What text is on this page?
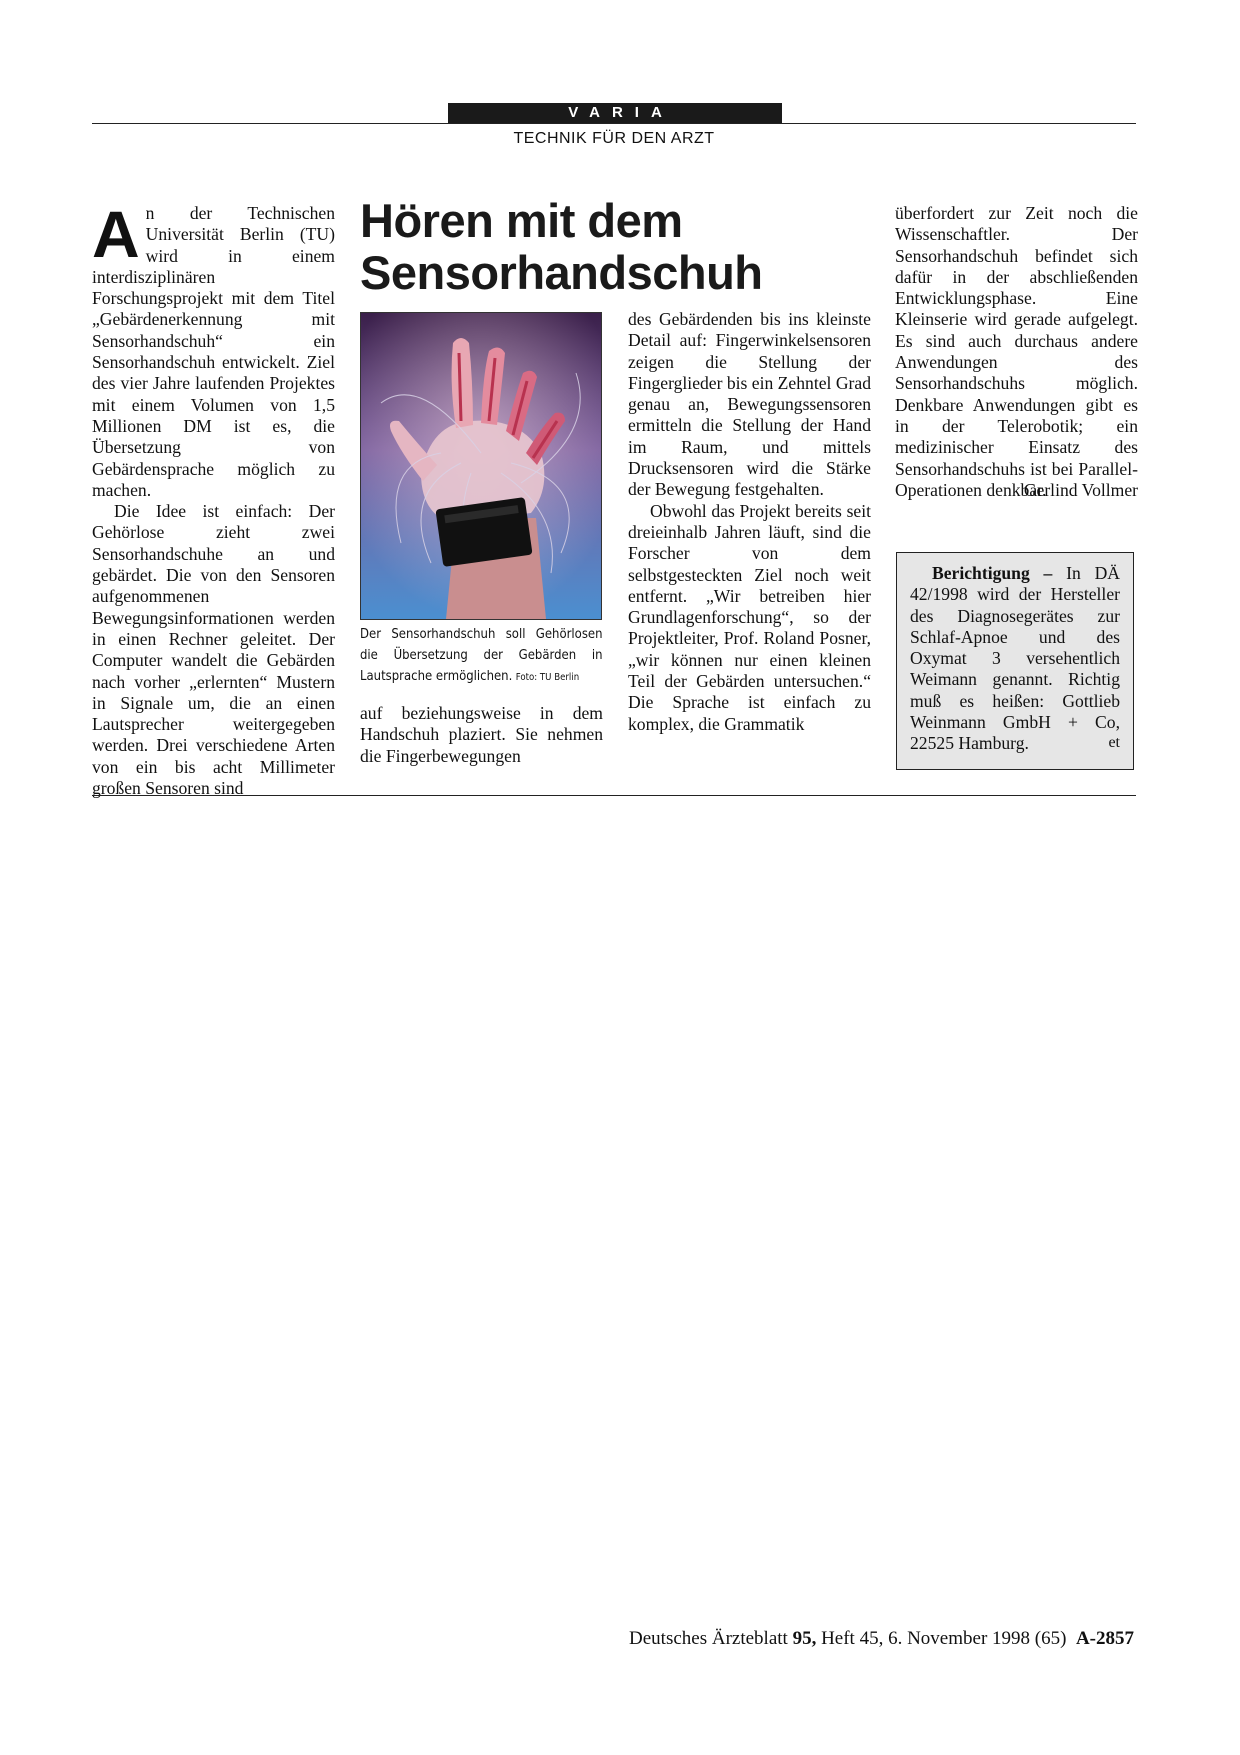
VARIA
TECHNIK FÜR DEN ARZT

An der Technischen Universität Berlin (TU) wird in einem interdisziplinären Forschungsprojekt mit dem Titel „Gebärdenerkennung mit Sensorhandschuh“ ein Sensorhandschuh entwickelt. Ziel des vier Jahre laufenden Projektes mit einem Volumen von 1,5 Millionen DM ist es, die Übersetzung von Gebärdensprache möglich zu machen.

Die Idee ist einfach: Der Gehörlose zieht zwei Sensorhandschuhe an und gebärdet. Die von den Sensoren aufgenommenen Bewegungsinformationen werden in einen Rechner geleitet. Der Computer wandelt die Gebärden nach vorher „erlernten“ Mustern in Signale um, die an einen Lautsprecher weitergegeben werden. Drei verschiedene Arten von ein bis acht Millimeter großen Sensoren sind

Hören mit dem
Sensorhandschuh
Der Sensorhandschuh soll Gehörlosen die Übersetzung der Gebärden in Lautsprache ermöglichen. Foto: TU Berlin

auf beziehungsweise in dem Handschuh plaziert. Sie nehmen die Fingerbewegungen

des Gebärdenden bis ins kleinste Detail auf: Fingerwinkelsensoren zeigen die Stellung der Fingerglieder bis ein Zehntel Grad genau an, Bewegungssensoren ermitteln die Stellung der Hand im Raum, und mittels Drucksensoren wird die Stärke der Bewegung festgehalten.

Obwohl das Projekt bereits seit dreieinhalb Jahren läuft, sind die Forscher von dem selbstgesteckten Ziel noch weit entfernt. „Wir betreiben hier Grundlagenforschung“, so der Projektleiter, Prof. Roland Posner, „wir können nur einen kleinen Teil der Gebärden untersuchen.“ Die Sprache ist einfach zu komplex, die Grammatik

überfordert zur Zeit noch die Wissenschaftler. Der Sensorhandschuh befindet sich dafür in der abschließenden Entwicklungsphase. Eine Kleinserie wird gerade aufgelegt. Es sind auch durchaus andere Anwendungen des Sensorhandschuhs möglich. Denkbare Anwendungen gibt es in der Telerobotik; ein medizinischer Einsatz des Sensorhandschuhs ist bei Parallel-Operationen denkbar.

Gerlind Vollmer

Berichtigung – In DÄ 42/1998 wird der Hersteller des Diagnosegerätes zur Schlaf-Apnoe und des Oxymat 3 versehentlich Weimann genannt. Richtig muß es heißen: Gottlieb Weinmann GmbH + Co, 22525 Hamburg.	et
Deutsches Ärzteblatt 95, Heft 45, 6. November 1998 (65) A-2857
